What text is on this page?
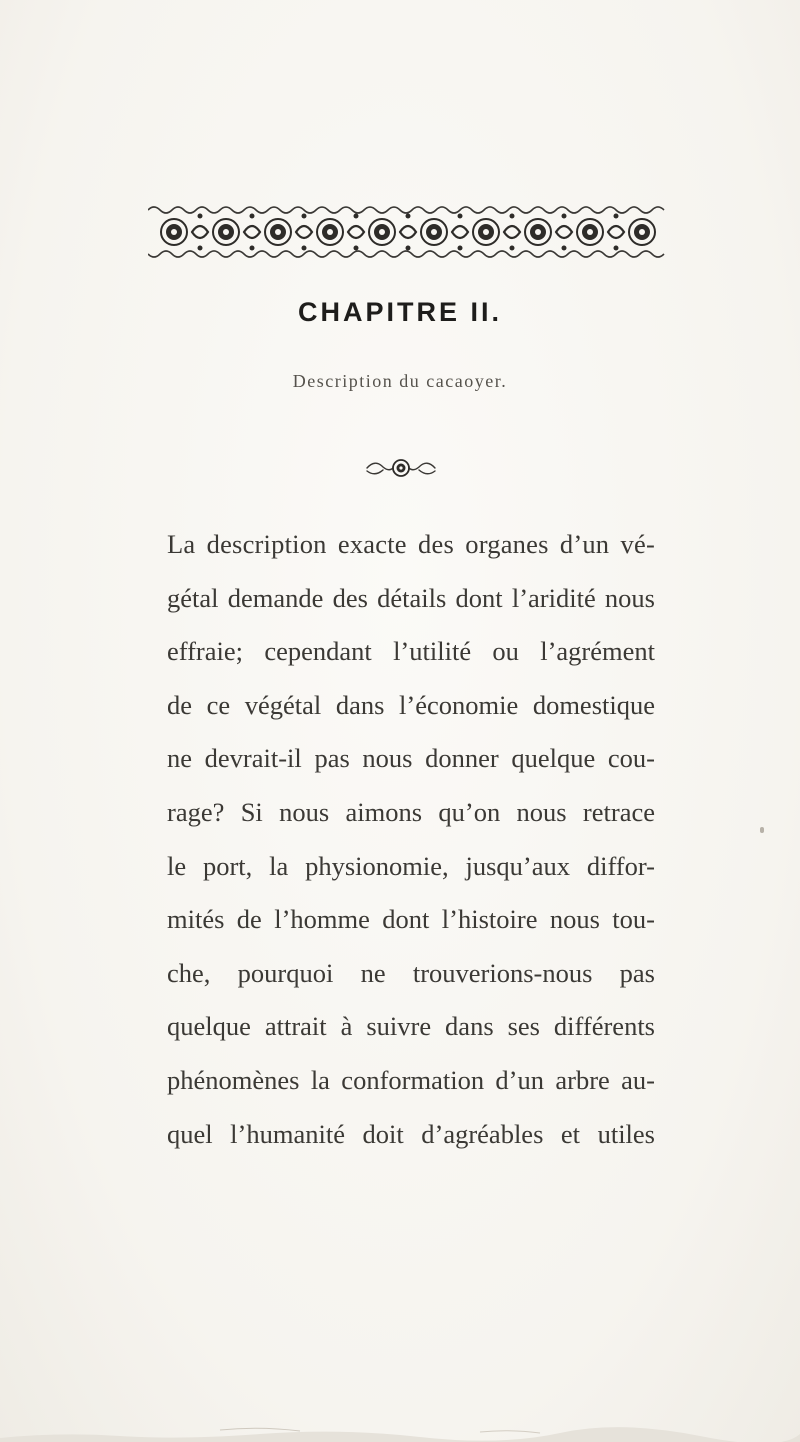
CHAPITRE II.
Description du cacaoyer.
La description exacte des organes d’un vé-
gétal demande des détails dont l’aridité nous
effraie; cependant l’utilité ou l’agrément
de ce végétal dans l’économie domestique
ne devrait-il pas nous donner quelque cou-
rage? Si nous aimons qu’on nous retrace
le port, la physionomie, jusqu’aux diffor-
mités de l’homme dont l’histoire nous tou-
che, pourquoi ne trouverions-nous pas
quelque attrait à suivre dans ses différents
phénomènes la conformation d’un arbre au-
quel l’humanité doit d’agréables et utiles
